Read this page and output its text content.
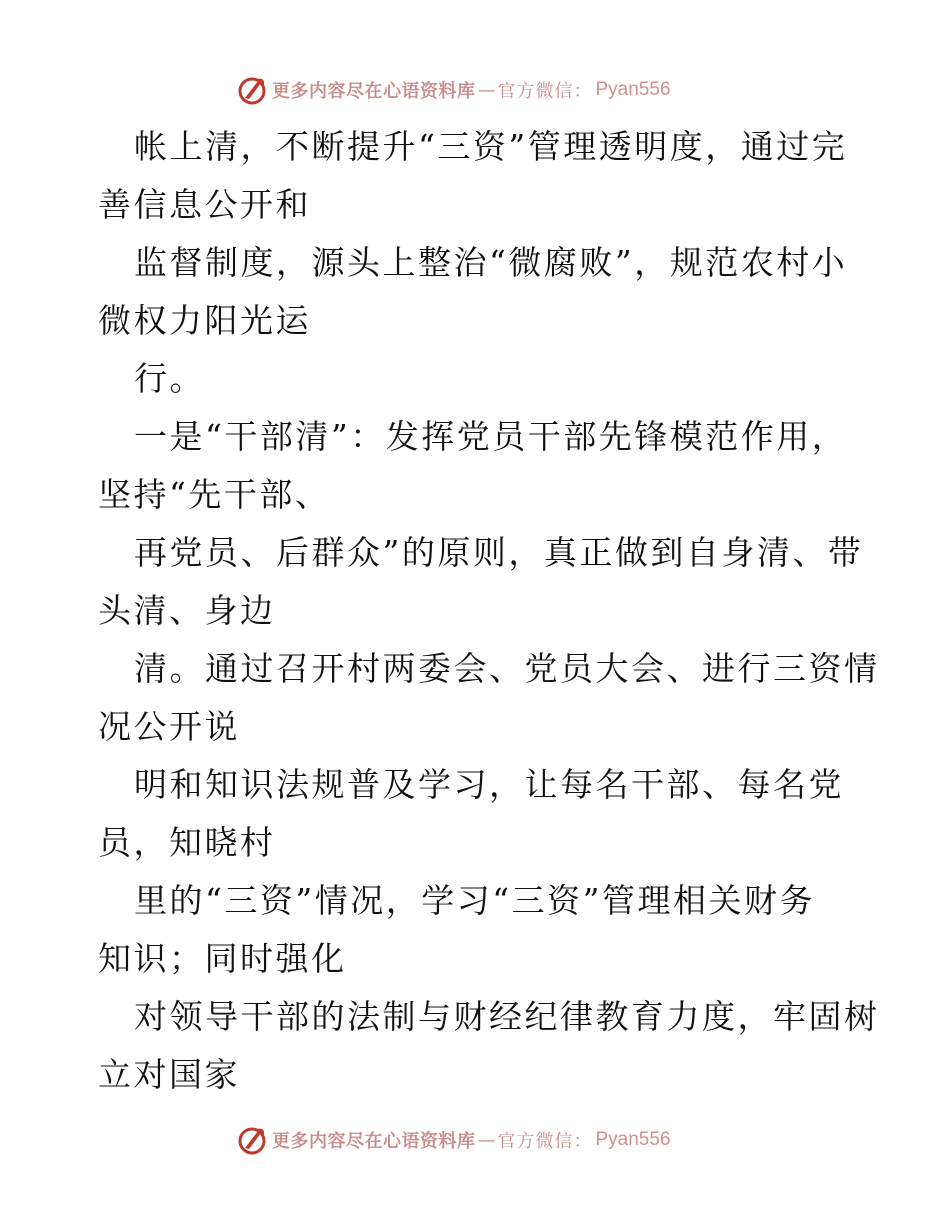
更多内容尽在心语资料库 — 官方微信： Pyan556
帐上清，不断提升“三资”管理透明度，通过完
善信息公开和
监督制度，源头上整治“微腐败”，规范农村小
微权力阳光运
行。
一是“干部清”：发挥党员干部先锋模范作用，
坚持“先干部、
再党员、后群众”的原则，真正做到自身清、带
头清、身边
清。通过召开村两委会、党员大会、进行三资情
况公开说
明和知识法规普及学习，让每名干部、每名党
员，知晓村
里的“三资”情况，学习“三资”管理相关财务
知识；同时强化
对领导干部的法制与财经纪律教育力度，牢固树
立对国家
更多内容尽在心语资料库 — 官方微信： Pyan556
